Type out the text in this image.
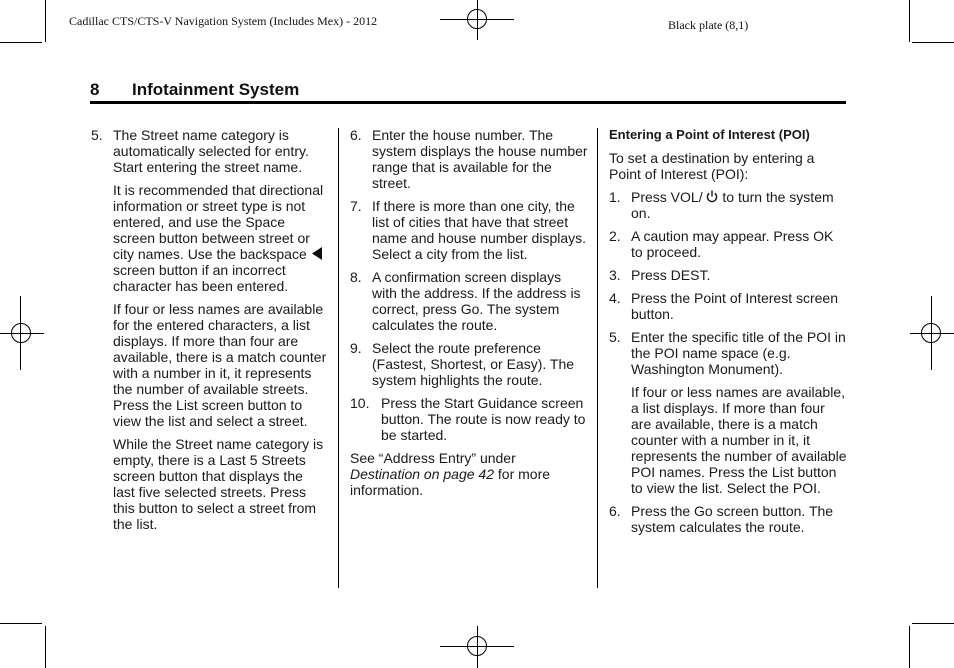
Cadillac CTS/CTS-V Navigation System (Includes Mex) - 2012	Black plate (8,1)
8 Infotainment System
5. The Street name category is automatically selected for entry. Start entering the street name.

It is recommended that directional information or street type is not entered, and use the Space screen button between street or city names. Use the backspace  screen button if an incorrect character has been entered.

If four or less names are available for the entered characters, a list displays. If more than four are available, there is a match counter with a number in it, it represents the number of available streets. Press the List screen button to view the list and select a street.

While the Street name category is empty, there is a Last 5 Streets screen button that displays the last five selected streets. Press this button to select a street from the list.

6. Enter the house number. The system displays the house number range that is available for the street.

7. If there is more than one city, the list of cities that have that street name and house number displays. Select a city from the list.

8. A confirmation screen displays with the address. If the address is correct, press Go. The system calculates the route.

9. Select the route preference (Fastest, Shortest, or Easy). The system highlights the route.

10. Press the Start Guidance screen button. The route is now ready to be started.

See “Address Entry” under Destination on page 42 for more information.

Entering a Point of Interest (POI)

To set a destination by entering a Point of Interest (POI):

1. Press VOL/ to turn the system on.

2. A caution may appear. Press OK to proceed.

3. Press DEST.

4. Press the Point of Interest screen button.

5. Enter the specific title of the POI in the POI name space (e.g. Washington Monument).

If four or less names are available, a list displays. If more than four are available, there is a match counter with a number in it, it represents the number of available POI names. Press the List button to view the list. Select the POI.

6. Press the Go screen button. The system calculates the route.
